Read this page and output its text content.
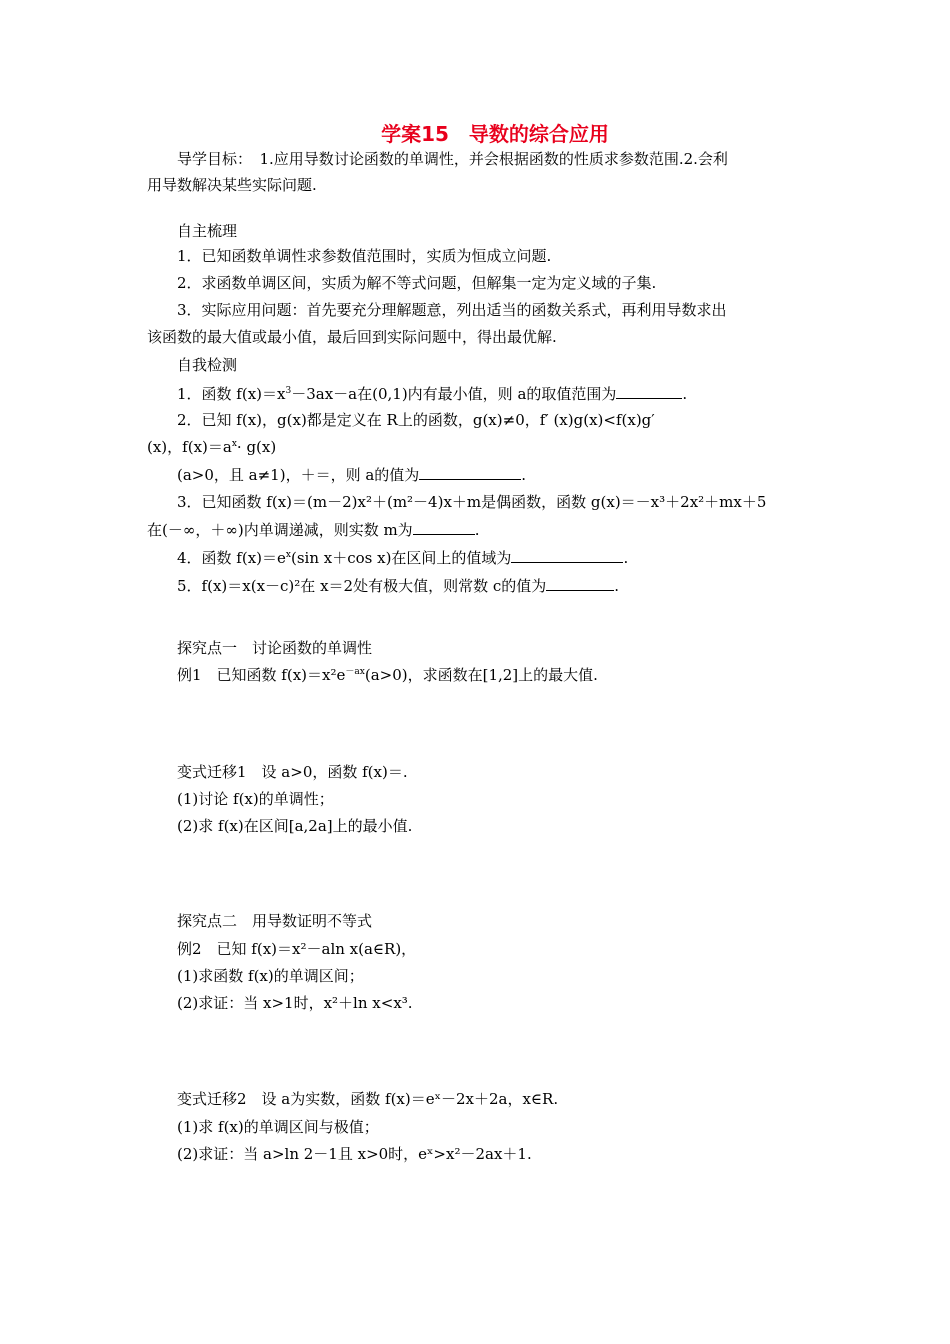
学案15　导数的综合应用
导学目标：　1.应用导数讨论函数的单调性，并会根据函数的性质求参数范围.2.会利
用导数解决某些实际问题.
自主梳理
1．已知函数单调性求参数值范围时，实质为恒成立问题.
2．求函数单调区间，实质为解不等式问题，但解集一定为定义域的子集.
3．实际应用问题：首先要充分理解题意，列出适当的函数关系式，再利用导数求出
该函数的最大值或最小值，最后回到实际问题中，得出最优解.
自我检测
1．函数 $f(x)=x^3-3ax-a$在(0,1)内有最小值，则 a的取值范围为	.
2．已知 f(x)，g(x)都是定义在 R上的函数，g(x)≠0，f′ (x)g(x)<f(x)g′
(x)，$f(x)=a^x\cdot g(x)$
(a>0，且 a≠1)，＋＝，则 a的值为	.
3．已知函数 f(x)＝(m－2)x²＋(m²－4)x＋m是偶函数，函数 g(x)＝－x³＋2x²＋mx＋5
在(－∞，＋∞)内单调递减，则实数 m为	.
4．函数 $f(x)=e^x(\sin$ x＋cos x)在区间上的值域为	.
5．f(x)＝x(x－c)²在 x＝2处有极大值，则常数 c的值为	.
探究点一　讨论函数的单调性
例1　已知函数 $f(x)=x^2e^{-ax}(a>0)$，求函数在[1,2]上的最大值.
变式迁移1　设 a>0，函数 f(x)＝.
(1)讨论 f(x)的单调性；
(2)求 f(x)在区间[a,2a]上的最小值.
探究点二　用导数证明不等式
例2　已知 f(x)＝x²－aln x(a∈R)，
(1)求函数 f(x)的单调区间；
(2)求证：当 x>1时，x²＋ln x<x³.
变式迁移2　设 a为实数，函数 f(x)＝eˣ－2x＋2a，x∈R.
(1)求 f(x)的单调区间与极值；
(2)求证：当 a>ln 2－1且 x>0时，eˣ>x²－2ax＋1.
